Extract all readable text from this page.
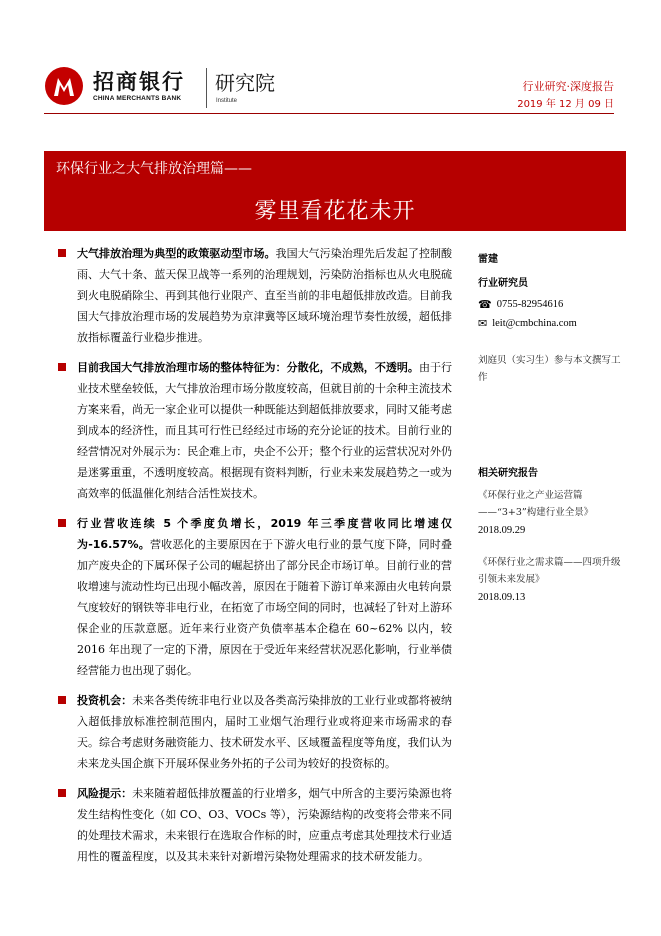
招商银行
CHINA MERCHANTS BANK
研究院
Institute
行业研究·深度报告
2019 年 12 月 09 日
环保行业之大气排放治理篇——
雾里看花花未开
大气排放治理为典型的政策驱动型市场。我国大气污染治理先后发起了控制酸雨、大气十条、蓝天保卫战等一系列的治理规划，污染防治指标也从火电脱硫到火电脱硝除尘、再到其他行业限产、直至当前的非电超低排放改造。目前我国大气排放治理市场的发展趋势为京津冀等区域环境治理节奏性放缓，超低排放指标覆盖行业稳步推进。
目前我国大气排放治理市场的整体特征为：分散化，不成熟，不透明。由于行业技术壁垒较低，大气排放治理市场分散度较高，但就目前的十余种主流技术方案来看，尚无一家企业可以提供一种既能达到超低排放要求，同时又能考虑到成本的经济性，而且其可行性已经经过市场的充分论证的技术。目前行业的经营情况对外展示为：民企难上市，央企不公开；整个行业的运营状况对外仍是迷雾重重，不透明度较高。根据现有资料判断，行业未来发展趋势之一或为高效率的低温催化剂结合活性炭技术。
行业营收连续 5 个季度负增长，2019 年三季度营收同比增速仅为-16.57%。营收恶化的主要原因在于下游火电行业的景气度下降，同时叠加产废央企的下属环保子公司的崛起挤出了部分民企市场订单。目前行业的营收增速与流动性均已出现小幅改善，原因在于随着下游订单来源由火电转向景气度较好的钢铁等非电行业，在拓宽了市场空间的同时，也减轻了针对上游环保企业的压款意愿。近年来行业资产负债率基本企稳在 60~62% 以内，较 2016 年出现了一定的下滑，原因在于受近年来经营状况恶化影响，行业举债经营能力也出现了弱化。
投资机会：未来各类传统非电行业以及各类高污染排放的工业行业或都将被纳入超低排放标准控制范围内，届时工业烟气治理行业或将迎来市场需求的春天。综合考虑财务融资能力、技术研发水平、区域覆盖程度等角度，我们认为未来龙头国企旗下开展环保业务外拓的子公司为较好的投资标的。
风险提示：未来随着超低排放覆盖的行业增多，烟气中所含的主要污染源也将发生结构性变化（如 CO、O3、VOCs 等），污染源结构的改变将会带来不同的处理技术需求，未来银行在选取合作标的时，应重点考虑其处理技术行业适用性的覆盖程度，以及其未来针对新增污染物处理需求的技术研发能力。
雷建
行业研究员
☎ 0755-82954616
✉ leit@cmbchina.com
刘庭贝（实习生）参与本文撰写工作
相关研究报告
《环保行业之产业运营篇——“3+3”构建行业全景》
2018.09.29
《环保行业之需求篇——四项升级引领未来发展》
2018.09.13
